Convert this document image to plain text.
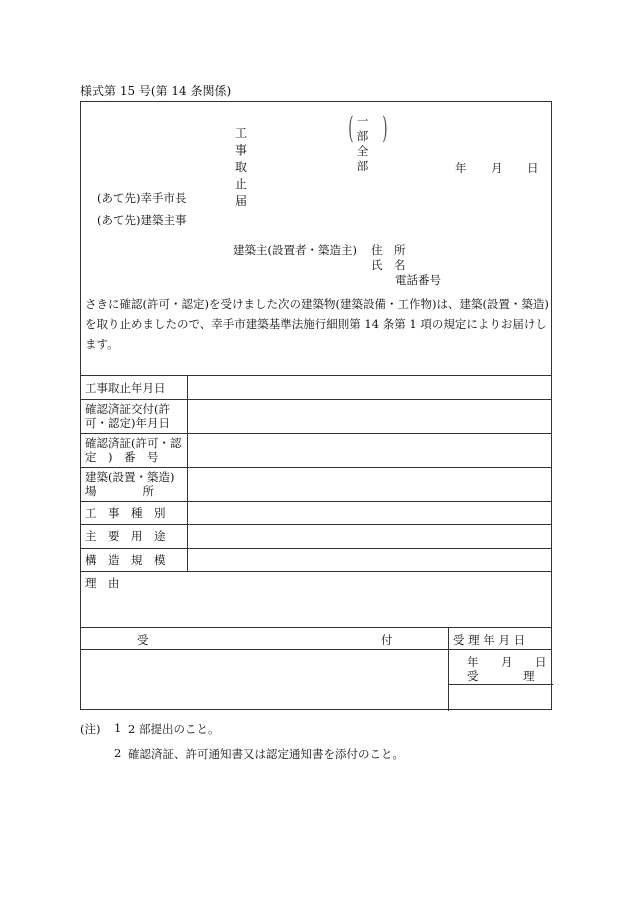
様式第 15 号(第 14 条関係)
工事取止届
( 一部
全部
)
年 月 日
(あて先)幸手市長
(あて先)建築主事
建築主(設置者・築造主) 住　所
氏　名
電話番号

さきに確認(許可・認定)を受けました次の建築物(建築設備・工作物)は、建築(設置・築造)を取り止めましたので、幸手市建築基準法施行細則第 14 条第 1 項の規定によりお届けします。

工事取止年月日
確認済証交付(許
可・認定)年月日
確認済証(許可・認
定　)　番　号
建築(設置・築造)
場　　　　所
工　事　種　別
主　要　用　途
構　造　規　模
理　由
受	付	受 理 年 月 日
年 月 日
受	理
(注) 1 2 部提出のこと。
2 確認済証、許可通知書又は認定通知書を添付のこと。
